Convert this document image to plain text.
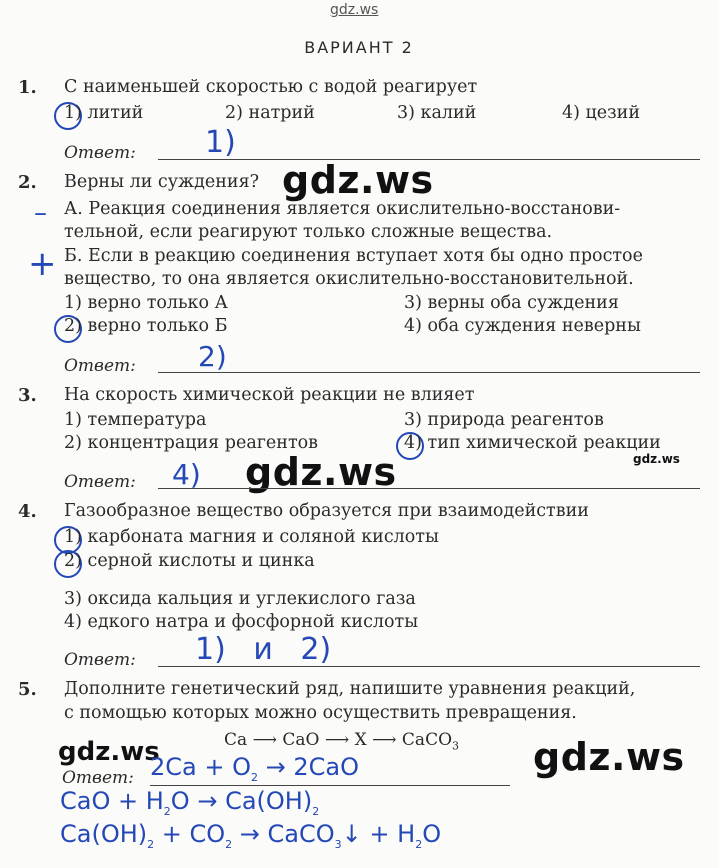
gdz.ws
gdz.ws
gdz.ws	gdz.ws
gdz.ws	gdz.ws
ВАРИАНТ 2
1. С наименьшей скоростью с водой реагирует
1) литий	2) натрий	3) калий	4) цезий
Ответ: 1)
2. Верны ли суждения?
– А. Реакция соединения является окислительно-восстанови-
тельной, если реагируют только сложные вещества.
+ Б. Если в реакцию соединения вступает хотя бы одно простое
вещество, то она является окислительно-восстановительной.
1) верно только А	3) верны оба суждения
2) верно только Б	4) оба суждения неверны
Ответ: 2)
3. На скорость химической реакции не влияет
1) температура	3) природа реагентов
2) концентрация реагентов	4) тип химической реакции
Ответ: 4)
4. Газообразное вещество образуется при взаимодействии
1) карбоната магния и соляной кислоты
2) серной кислоты и цинка
3) оксида кальция и углекислого газа
4) едкого натра и фосфорной кислоты
Ответ: 1) и 2)
5. Дополните генетический ряд, напишите уравнения реакций,
с помощью которых можно осуществить превращения.
Ca ⟶ CaO ⟶ X ⟶ CaCO$_3$
Ответ: $2Ca + O_2 \to 2CaO$
CaO + $H_2O \to Ca(OH)_2$
$Ca(OH)_2 + CO_2$ → CaCO$_3$↓ + $H_2O$
